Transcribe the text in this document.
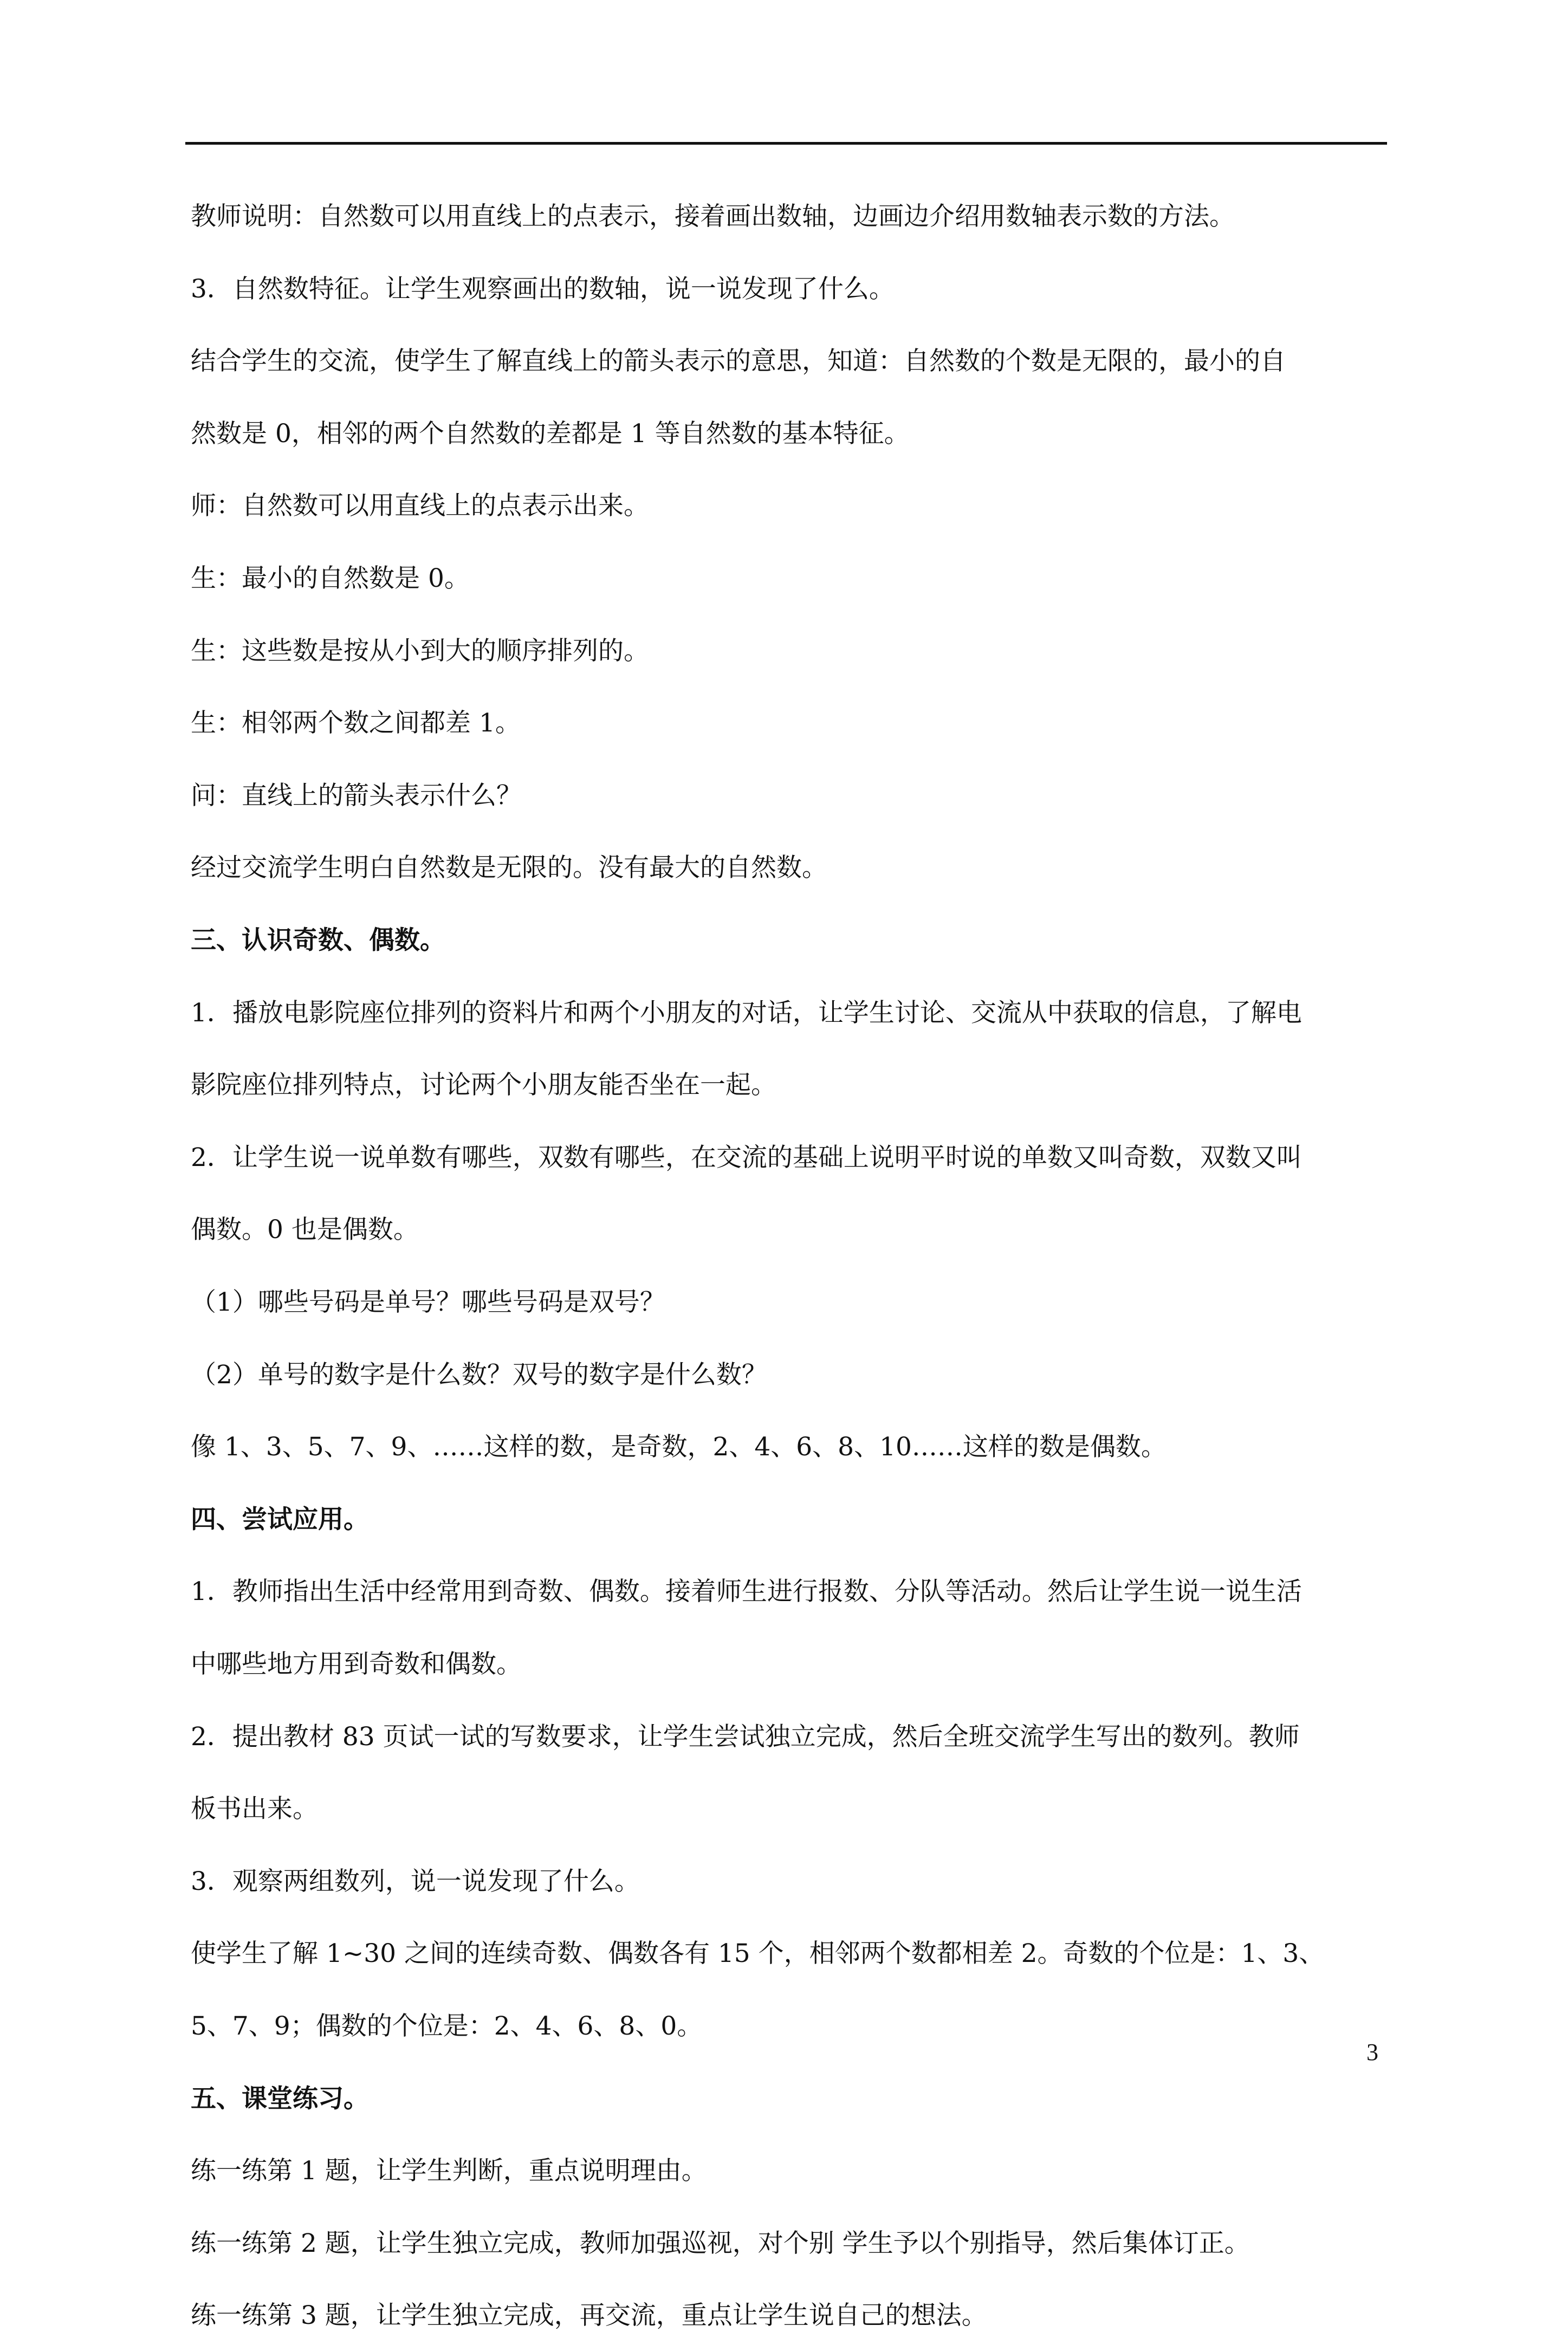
教师说明：自然数可以用直线上的点表示，接着画出数轴，边画边介绍用数轴表示数的方法。
3．自然数特征。让学生观察画出的数轴，说一说发现了什么。
结合学生的交流，使学生了解直线上的箭头表示的意思，知道：自然数的个数是无限的，最小的自
然数是 0，相邻的两个自然数的差都是 1 等自然数的基本特征。
师：自然数可以用直线上的点表示出来。
生：最小的自然数是 0。
生：这些数是按从小到大的顺序排列的。
生：相邻两个数之间都差 1。
问：直线上的箭头表示什么？
经过交流学生明白自然数是无限的。没有最大的自然数。
三、认识奇数、偶数。
1．播放电影院座位排列的资料片和两个小朋友的对话，让学生讨论、交流从中获取的信息，了解电
影院座位排列特点，讨论两个小朋友能否坐在一起。
2．让学生说一说单数有哪些，双数有哪些，在交流的基础上说明平时说的单数又叫奇数，双数又叫
偶数。0 也是偶数。
（1）哪些号码是单号？哪些号码是双号？
（2）单号的数字是什么数？双号的数字是什么数？
像 1、3、5、7、9、……这样的数，是奇数，2、4、6、8、10……这样的数是偶数。
四、尝试应用。
1．教师指出生活中经常用到奇数、偶数。接着师生进行报数、分队等活动。然后让学生说一说生活
中哪些地方用到奇数和偶数。
2．提出教材 83 页试一试的写数要求，让学生尝试独立完成，然后全班交流学生写出的数列。教师
板书出来。
3．观察两组数列，说一说发现了什么。
使学生了解 1~30 之间的连续奇数、偶数各有 15 个，相邻两个数都相差 2。奇数的个位是：1、3、
5、7、9；偶数的个位是：2、4、6、8、0。
五、课堂练习。
练一练第 1 题，让学生判断，重点说明理由。
练一练第 2 题，让学生独立完成，教师加强巡视，对个别 学生予以个别指导，然后集体订正。
练一练第 3 题，让学生独立完成，再交流，重点让学生说自己的想法。
3
